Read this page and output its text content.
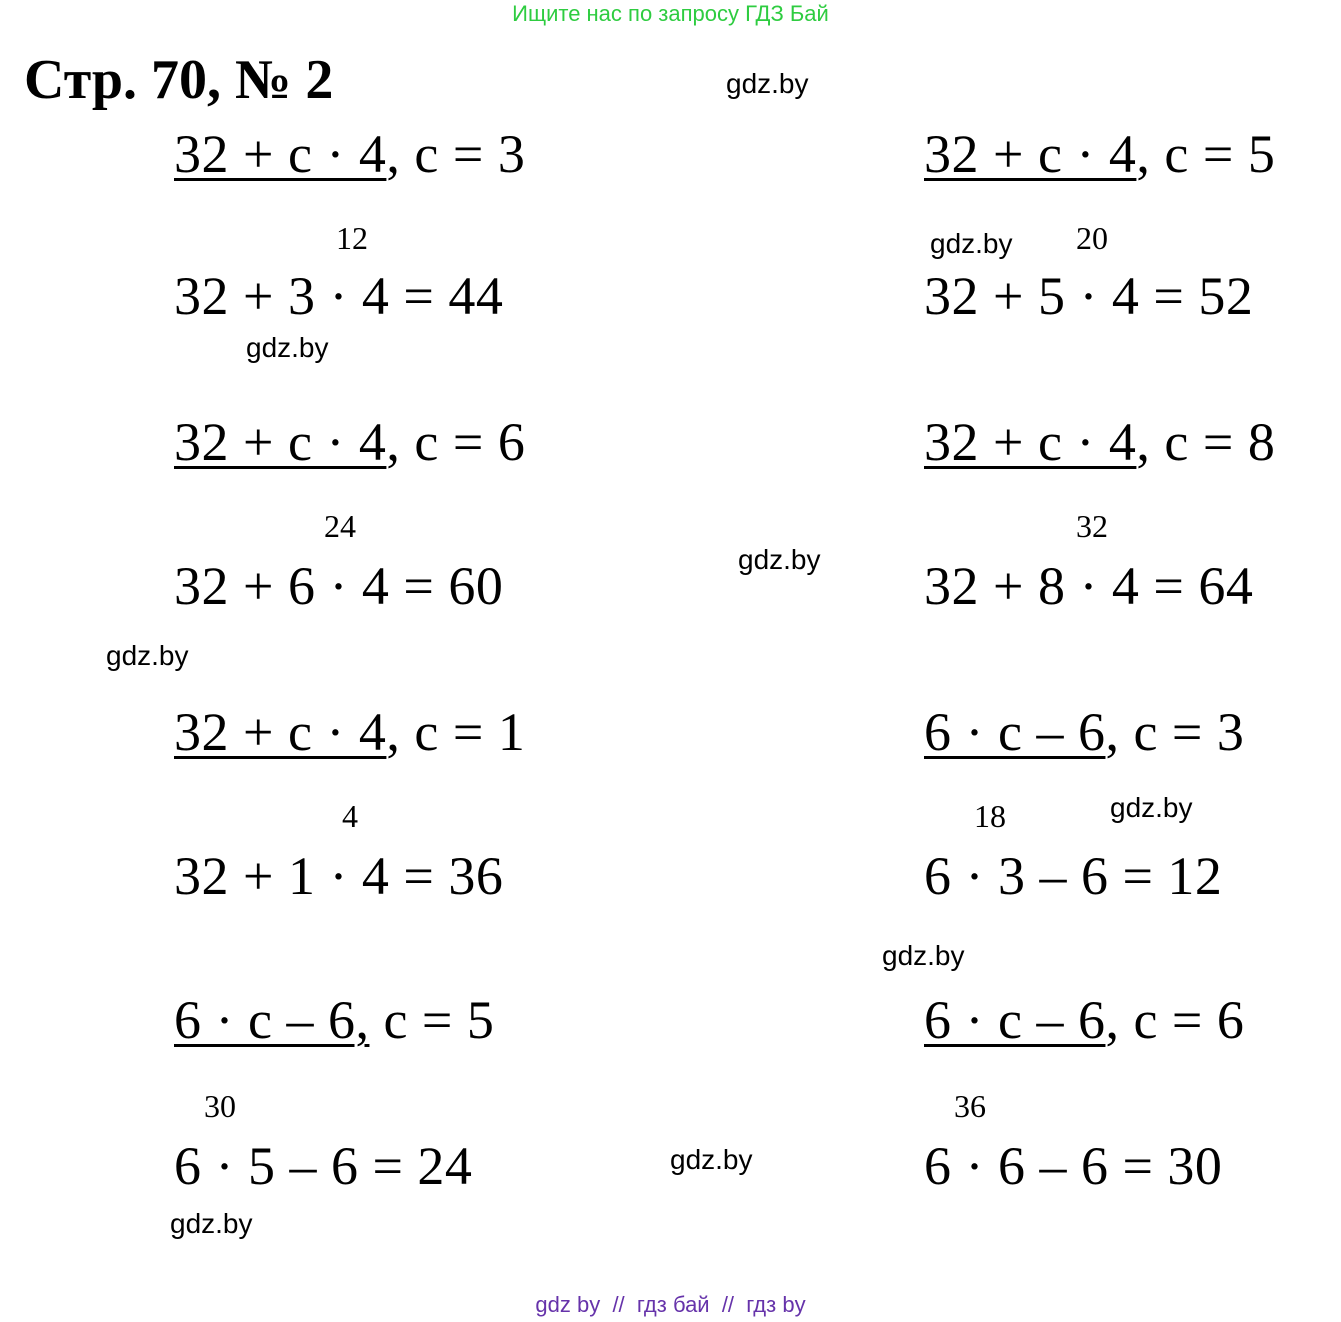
Ищите нас по запросу ГДЗ Бай
Стр. 70, № 2	gdz.by
gdz.by
gdz.by
gdz.by
gdz.by
gdz.by
gdz.by
gdz.by
gdz.by
32 + c · 4, c = 3
12
32 + 3 · 4 = 44
32 + c · 4, c = 5
20
32 + 5 · 4 = 52
32 + c · 4, c = 6
24
32 + 6 · 4 = 60
32 + c · 4, c = 8
32
32 + 8 · 4 = 64
32 + c · 4, c = 1
4
32 + 1 · 4 = 36
6 · c – 6, c = 3
18
6 · 3 – 6 = 12
6 · c – 6, c = 5
30
6 · 5 – 6 = 24
6 · c – 6, c = 6
36
6 · 6 – 6 = 30
gdz by  //  гдз бай  //  гдз by
